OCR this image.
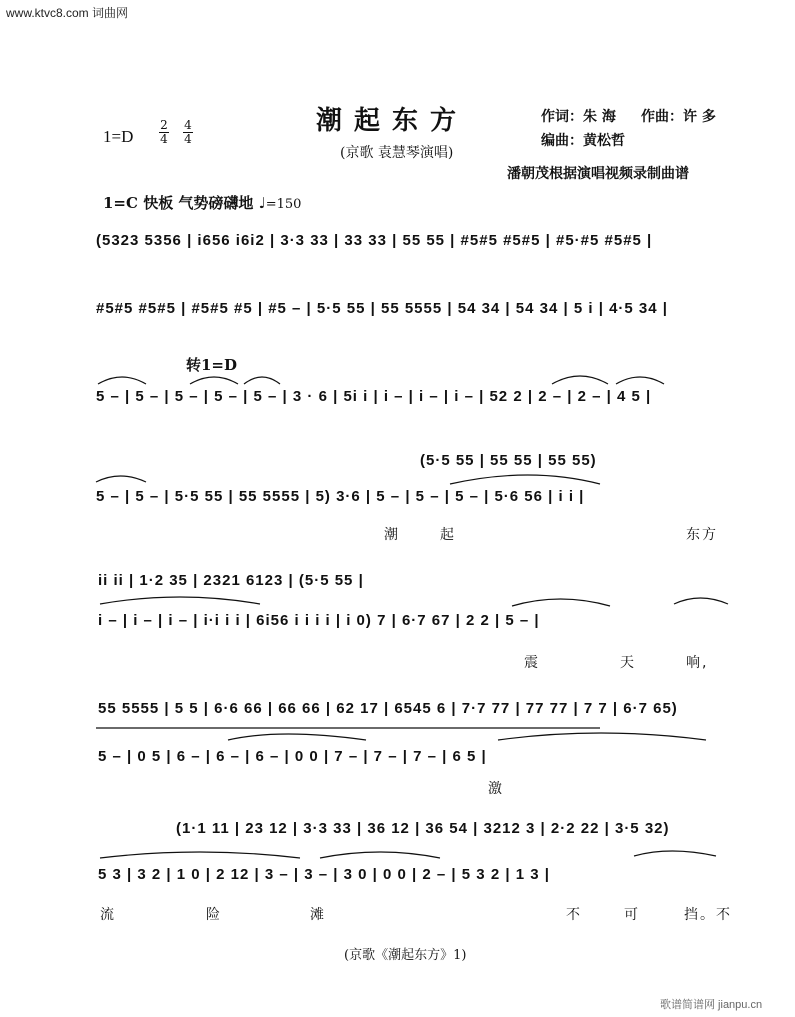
www.ktvc8.com 词曲网
1=D
2
4
4
4
潮起东方
(京歌 袁慧琴演唱)
作词：朱 海 作曲：许 多
编曲：黄松哲
潘朝茂根据演唱视频录制曲谱
1=C 快板 气势磅礴地 ♩=150
(5323 5356 | i656 i6i2 | 3·3 33 | 33 33 | 55 55 | #5#5 #5#5 | #5·#5 #5#5 |
#5#5 #5#5 | #5#5 #5 | #5 – | 5·5 55 | 55 5555 | 54 34 | 54 34 | 5 i | 4·5 34 |
转1=D
5 – | 5 – | 5 – | 5 – | 5 – | 3 · 6 | 5i i | i – | i – | i – | 52 2 | 2 – | 2 – | 4 5 |
(5·5 55 | 55 55 | 55 55)
5 – | 5 – | 5·5 55 | 55 5555 | 5) 3·6 | 5 – | 5 – | 5 – | 5·6 56 | i i |
潮	起	东方
ii ii | 1·2 35 | 2321 6123 | (5·5 55 |
i – | i – | i – | i·i i i | 6i56 i i i i | i 0) 7 | 6·7 67 | 2 2 | 5 – |
震	天	响,
55 5555 | 5 5 | 6·6 66 | 66 66 | 62 17 | 6545 6 | 7·7 77 | 77 77 | 7 7 | 6·7 65)
5 – | 0 5 | 6 – | 6 – | 6 – | 0 0 | 7 – | 7 – | 7 – | 6 5 |
激
(1·1 11 | 23 12 | 3·3 33 | 36 12 | 36 54 | 3212 3 | 2·2 22 | 3·5 32)
5 3 | 3 2 | 1 0 | 2 12 | 3 – | 3 – | 3 0 | 0 0 | 2 – | 5 3 2 | 1 3 |
流	险	滩	不	可	挡。不
(京歌《潮起东方》1)
歌谱简谱网 jianpu.cn
